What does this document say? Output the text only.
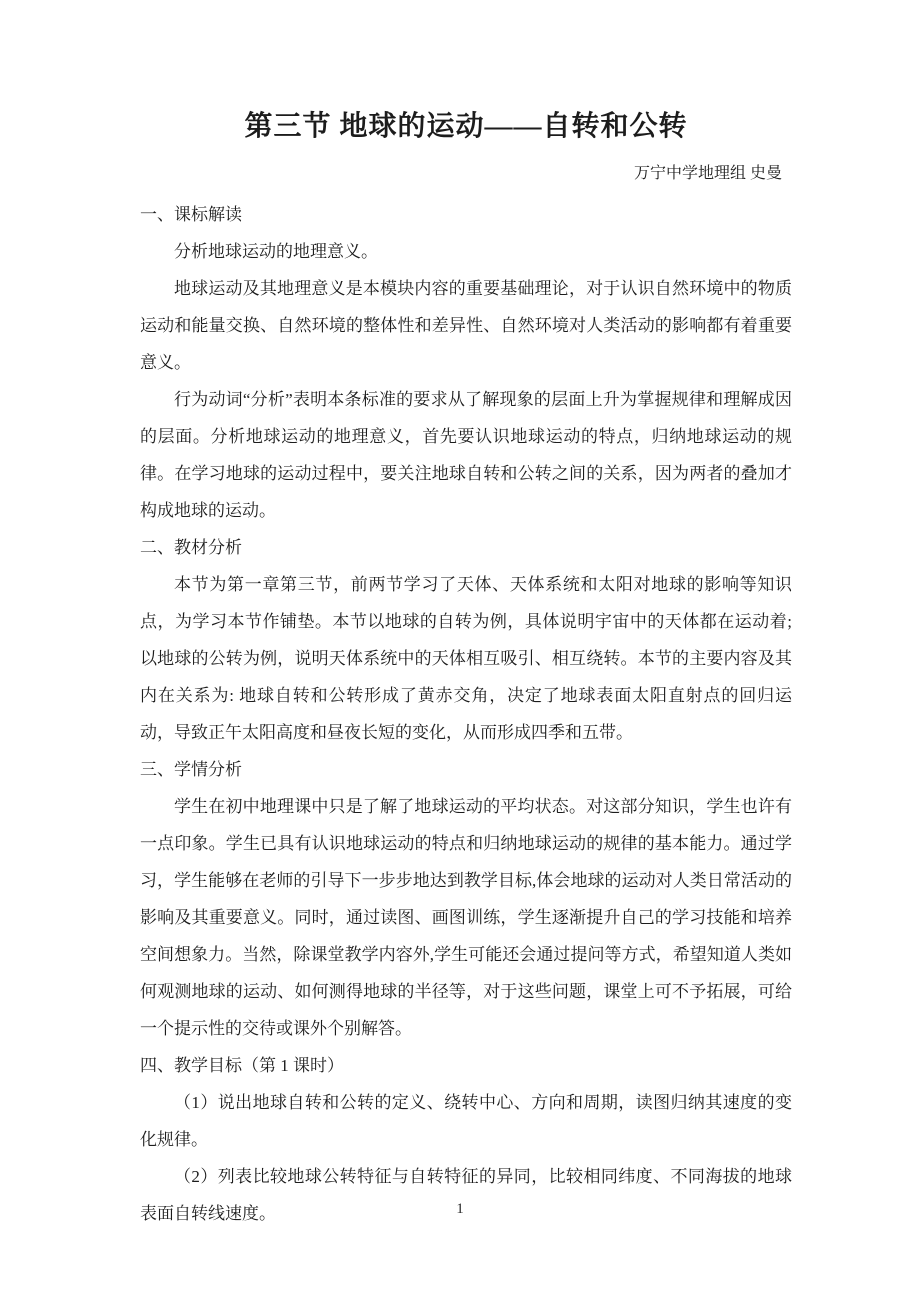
第三节 地球的运动——自转和公转
万宁中学地理组 史曼

一、课标解读

分析地球运动的地理意义。

地球运动及其地理意义是本模块内容的重要基础理论，对于认识自然环境中的物质运动和能量交换、自然环境的整体性和差异性、自然环境对人类活动的影响都有着重要意义。

行为动词“分析”表明本条标准的要求从了解现象的层面上升为掌握规律和理解成因的层面。分析地球运动的地理意义，首先要认识地球运动的特点，归纳地球运动的规律。在学习地球的运动过程中，要关注地球自转和公转之间的关系，因为两者的叠加才构成地球的运动。

二、教材分析

本节为第一章第三节，前两节学习了天体、天体系统和太阳对地球的影响等知识点，为学习本节作铺垫。本节以地球的自转为例，具体说明宇宙中的天体都在运动着; 以地球的公转为例，说明天体系统中的天体相互吸引、相互绕转。本节的主要内容及其内在关系为: 地球自转和公转形成了黄赤交角，决定了地球表面太阳直射点的回归运动，导致正午太阳高度和昼夜长短的变化，从而形成四季和五带。

三、学情分析

学生在初中地理课中只是了解了地球运动的平均状态。对这部分知识，学生也许有一点印象。学生已具有认识地球运动的特点和归纳地球运动的规律的基本能力。通过学习，学生能够在老师的引导下一步步地达到教学目标,体会地球的运动对人类日常活动的影响及其重要意义。同时，通过读图、画图训练，学生逐渐提升自己的学习技能和培养空间想象力。当然，除课堂教学内容外,学生可能还会通过提问等方式，希望知道人类如何观测地球的运动、如何测得地球的半径等，对于这些问题，课堂上可不予拓展，可给一个提示性的交待或课外个别解答。

四、教学目标（第 1 课时）

（1）说出地球自转和公转的定义、绕转中心、方向和周期，读图归纳其速度的变化规律。

（2）列表比较地球公转特征与自转特征的异同，比较相同纬度、不同海拔的地球表面自转线速度。	1
